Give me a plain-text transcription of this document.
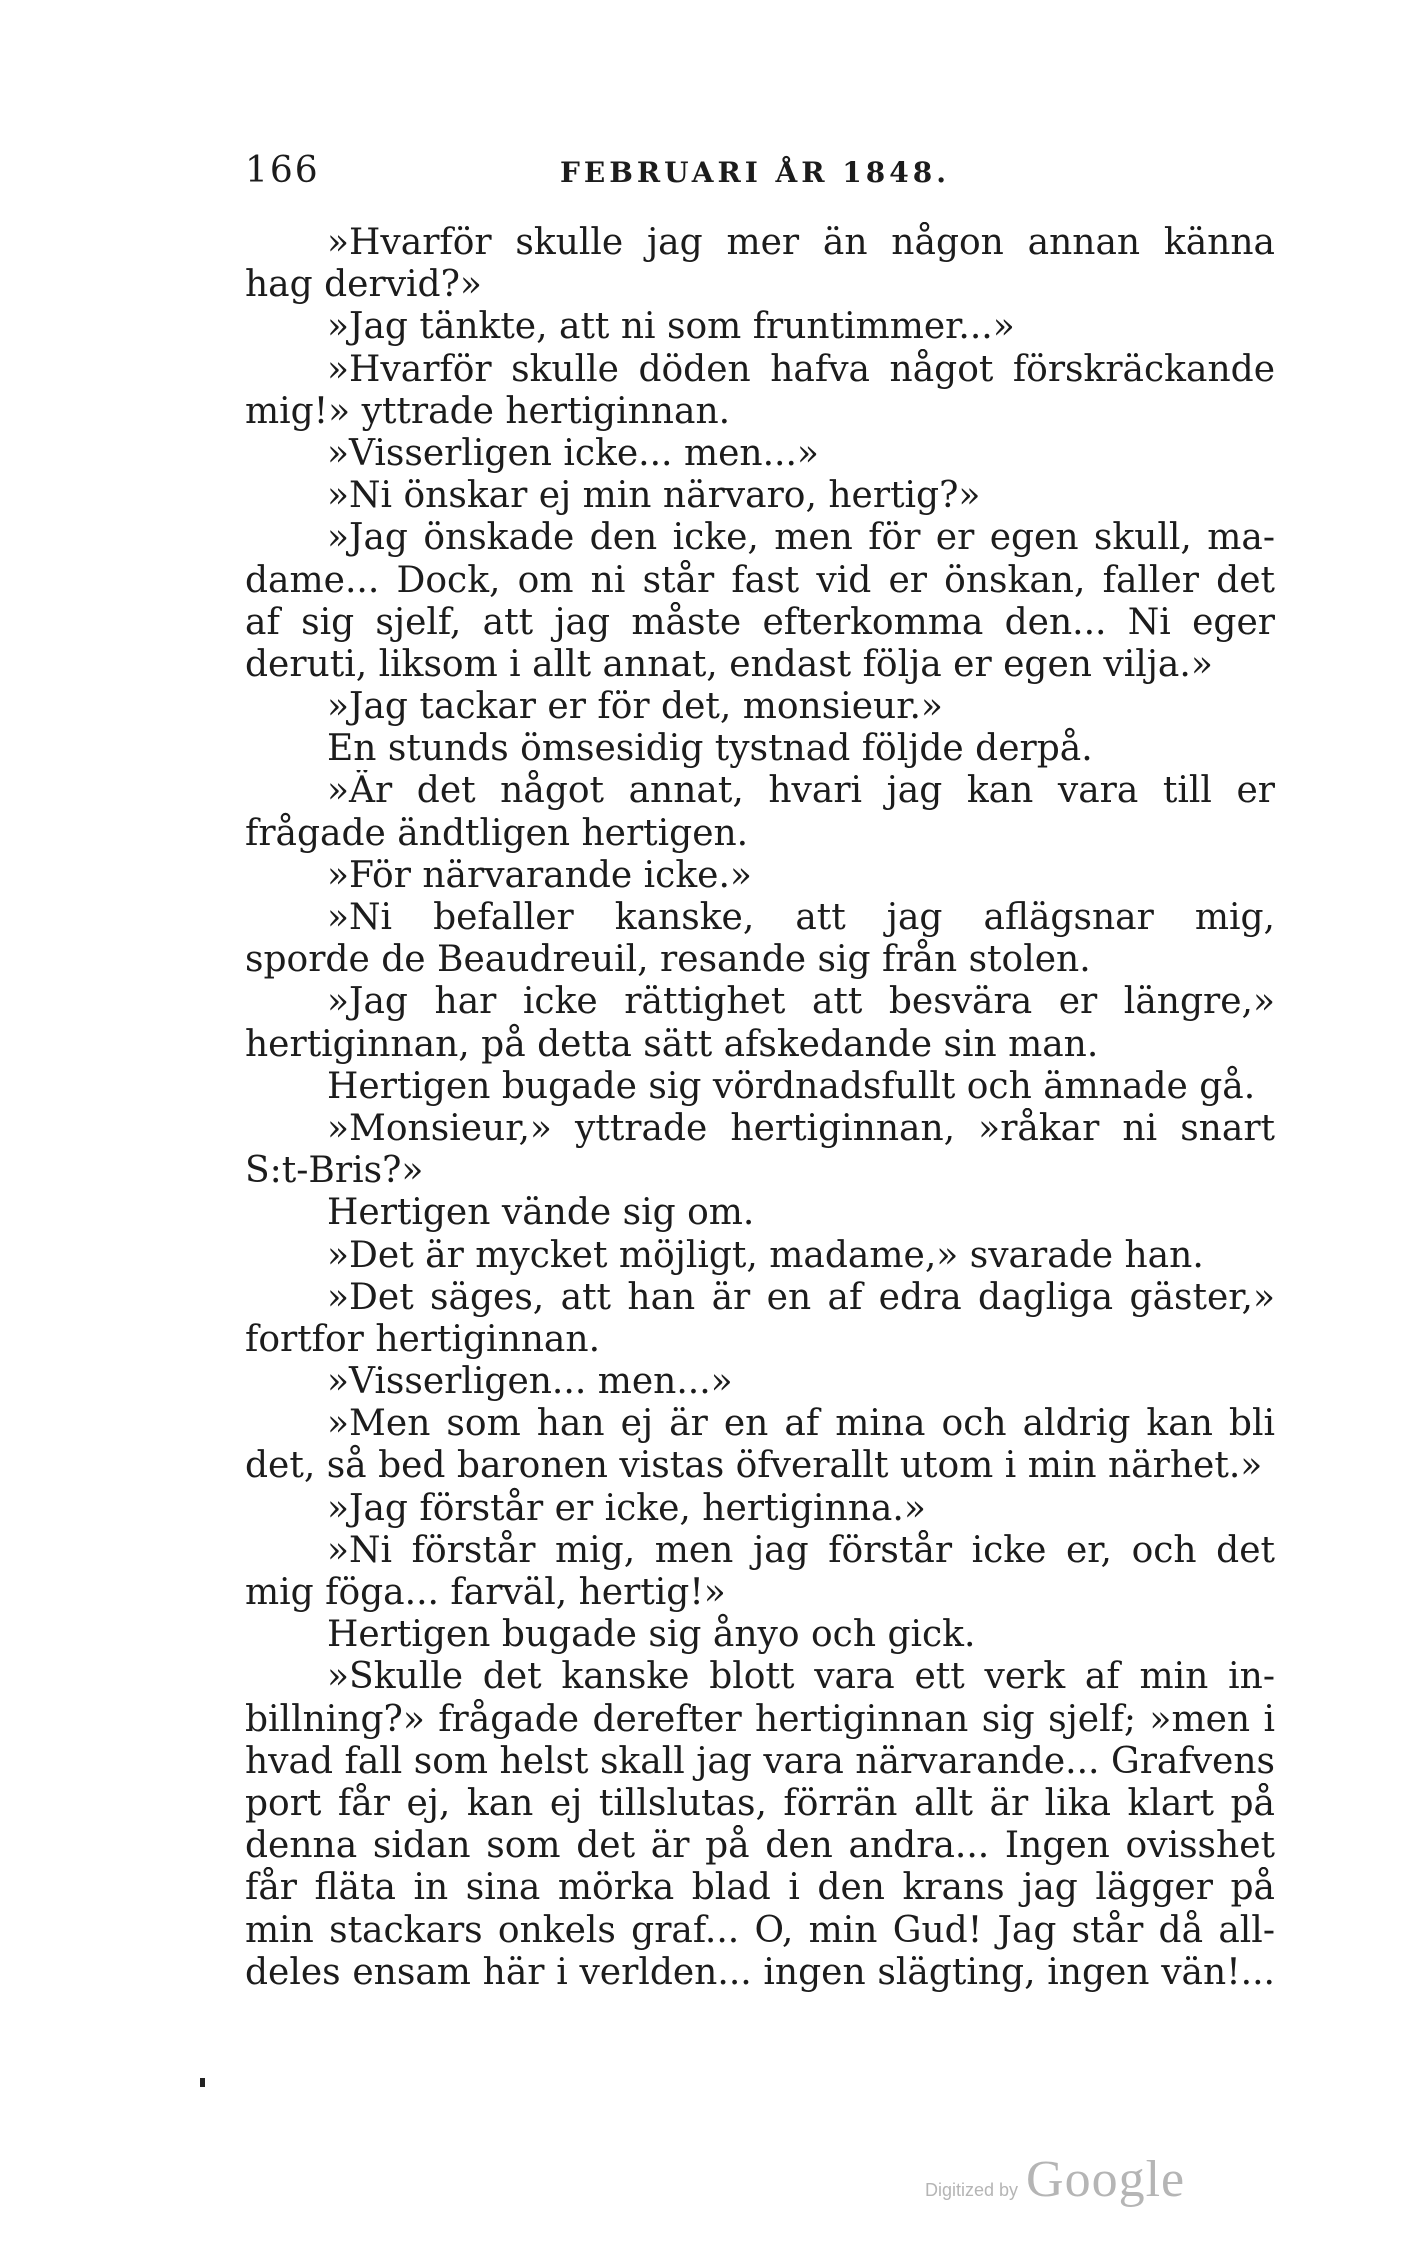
166	FEBRUARI ÅR 1848.
»Hvarför skulle jag mer än någon annan känna
hag dervid?»
»Jag tänkte, att ni som fruntimmer...»
»Hvarför skulle döden hafva något förskräckande
mig!» yttrade hertiginnan.
»Visserligen icke... men...»
»Ni önskar ej min närvaro, hertig?»
»Jag önskade den icke, men för er egen skull, ma-
dame... Dock, om ni står fast vid er önskan, faller det
af sig sjelf, att jag måste efterkomma den... Ni eger
deruti, liksom i allt annat, endast följa er egen vilja.»
»Jag tackar er för det, monsieur.»
En stunds ömsesidig tystnad följde derpå.
»Är det något annat, hvari jag kan vara till er
frågade ändtligen hertigen.
»För närvarande icke.»
»Ni befaller kanske, att jag aflägsnar mig,
sporde de Beaudreuil, resande sig från stolen.
»Jag har icke rättighet att besvära er längre,»
hertiginnan, på detta sätt afskedande sin man.
Hertigen bugade sig vördnadsfullt och ämnade gå.
»Monsieur,» yttrade hertiginnan, »råkar ni snart
S:t-Bris?»
Hertigen vände sig om.
»Det är mycket möjligt, madame,» svarade han.
»Det säges, att han är en af edra dagliga gäster,»
fortfor hertiginnan.
»Visserligen... men...»
»Men som han ej är en af mina och aldrig kan bli
det, så bed baronen vistas öfverallt utom i min närhet.»
»Jag förstår er icke, hertiginna.»
»Ni förstår mig, men jag förstår icke er, och det
mig föga... farväl, hertig!»
Hertigen bugade sig ånyo och gick.
»Skulle det kanske blott vara ett verk af min in-
billning?» frågade derefter hertiginnan sig sjelf; »men i
hvad fall som helst skall jag vara närvarande... Grafvens
port får ej, kan ej tillslutas, förrän allt är lika klart på
denna sidan som det är på den andra... Ingen ovisshet
får fläta in sina mörka blad i den krans jag lägger på
min stackars onkels graf... O, min Gud! Jag står då all-
deles ensam här i verlden... ingen slägting, ingen vän!...
Digitized by Google
